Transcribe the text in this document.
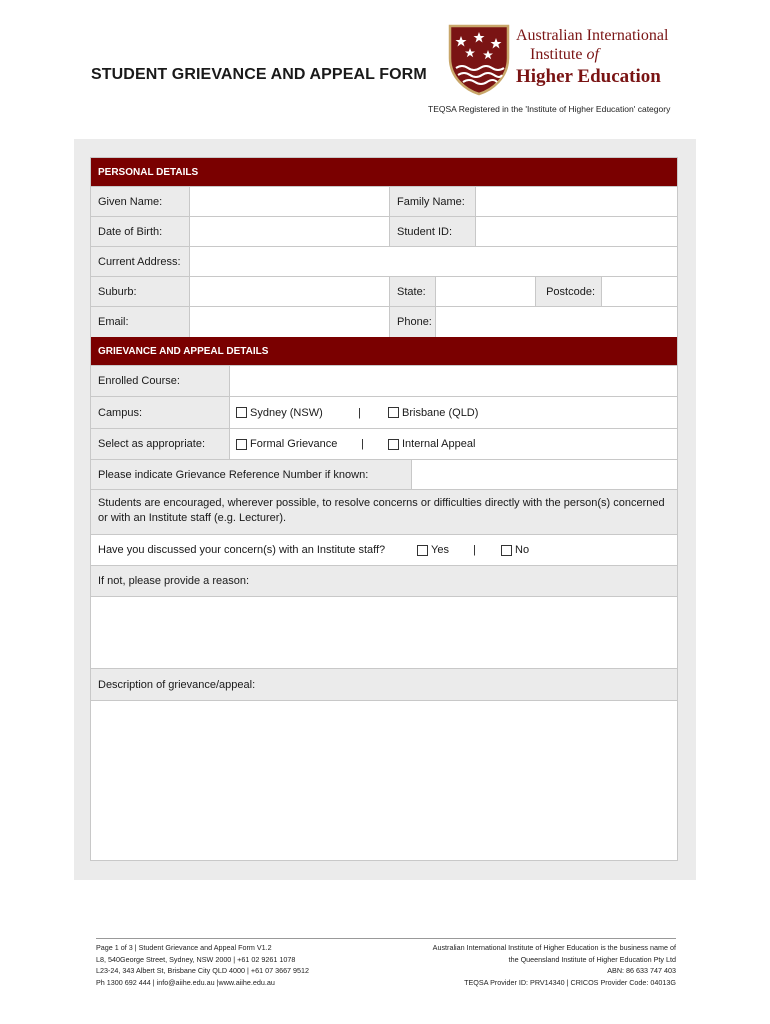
STUDENT GRIEVANCE AND APPEAL FORM
Australian International
Institute of
Higher Education
TEQSA Registered in the 'Institute of Higher Education' category
PERSONAL DETAILS
Given Name:	Family Name:
Date of Birth:	Student ID:
Current Address:
Suburb:	State:	Postcode:
Email:	Phone:
GRIEVANCE AND APPEAL DETAILS
Enrolled Course:
Campus:	Sydney (NSW)	|	Brisbane (QLD)
Select as appropriate:	Formal Grievance |	Internal Appeal
Please indicate Grievance Reference Number if known:
Students are encouraged, wherever possible, to resolve concerns or difficulties directly with the person(s) concerned or with an Institute staff (e.g. Lecturer).
Have you discussed your concern(s) with an Institute staff?	Yes |	No
If not, please provide a reason:
Description of grievance/appeal:
Page 1 of 3 | Student Grievance and Appeal Form V1.2
L8, 540George Street, Sydney, NSW 2000 | +61 02 9261 1078
L23-24, 343 Albert St, Brisbane City QLD 4000 | +61 07 3667 9512
Ph 1300 692 444 | info@aiihe.edu.au |www.aiihe.edu.au
Australian International Institute of Higher Education is the business name of
the Queensland Institute of Higher Education Pty Ltd
ABN: 86 633 747 403
TEQSA Provider ID: PRV14340 | CRICOS Provider Code: 04013G
